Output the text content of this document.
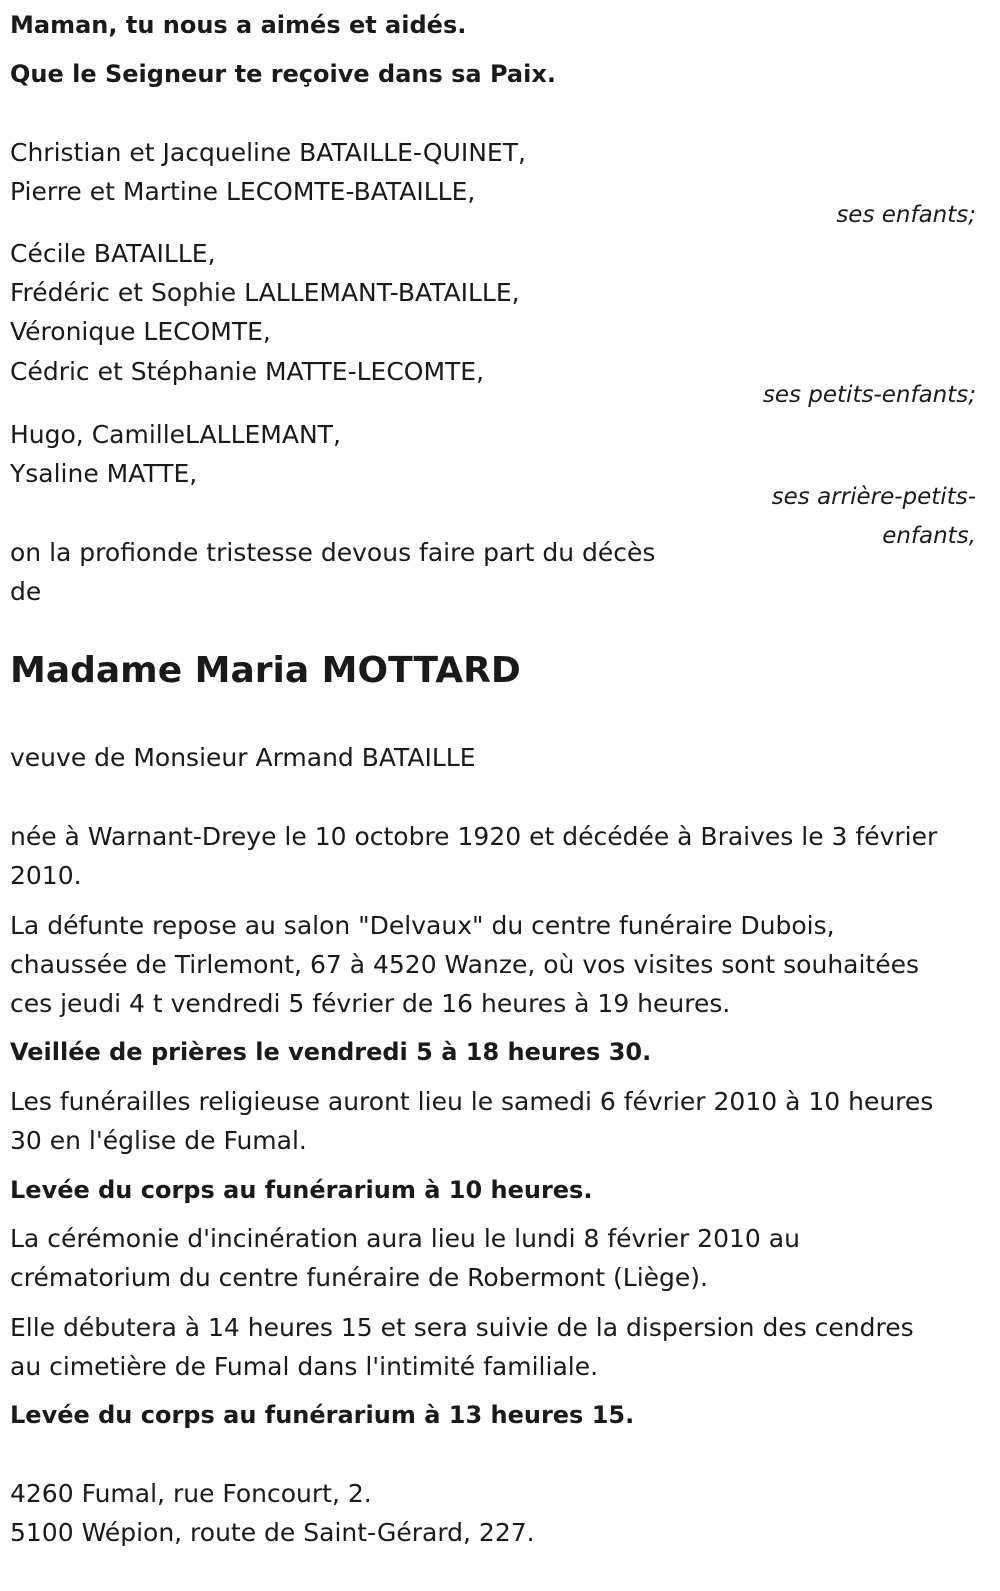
Maman, tu nous a aimés et aidés.
Que le Seigneur te reçoive dans sa Paix.
Christian et Jacqueline BATAILLE-QUINET,
Pierre et Martine LECOMTE-BATAILLE,
ses enfants;
Cécile BATAILLE,
Frédéric et Sophie LALLEMANT-BATAILLE,
Véronique LECOMTE,
Cédric et Stéphanie MATTE-LECOMTE,
ses petits-enfants;
Hugo, CamilleLALLEMANT,
Ysaline MATTE,
ses arrière-petits-
enfants,
on la profionde tristesse devous faire part du décès
de
Madame Maria MOTTARD
veuve de Monsieur Armand BATAILLE
née à Warnant-Dreye le 10 octobre 1920 et décédée à Braives le 3 février
2010.
La défunte repose au salon "Delvaux" du centre funéraire Dubois,
chaussée de Tirlemont, 67 à 4520 Wanze, où vos visites sont souhaitées
ces jeudi 4 t vendredi 5 février de 16 heures à 19 heures.
Veillée de prières le vendredi 5 à 18 heures 30.
Les funérailles religieuse auront lieu le samedi 6 février 2010 à 10 heures
30 en l'église de Fumal.
Levée du corps au funérarium à 10 heures.
La cérémonie d'incinération aura lieu le lundi 8 février 2010 au
crématorium du centre funéraire de Robermont (Liège).
Elle débutera à 14 heures 15 et sera suivie de la dispersion des cendres
au cimetière de Fumal dans l'intimité familiale.
Levée du corps au funérarium à 13 heures 15.
4260 Fumal, rue Foncourt, 2.
5100 Wépion, route de Saint-Gérard, 227.
